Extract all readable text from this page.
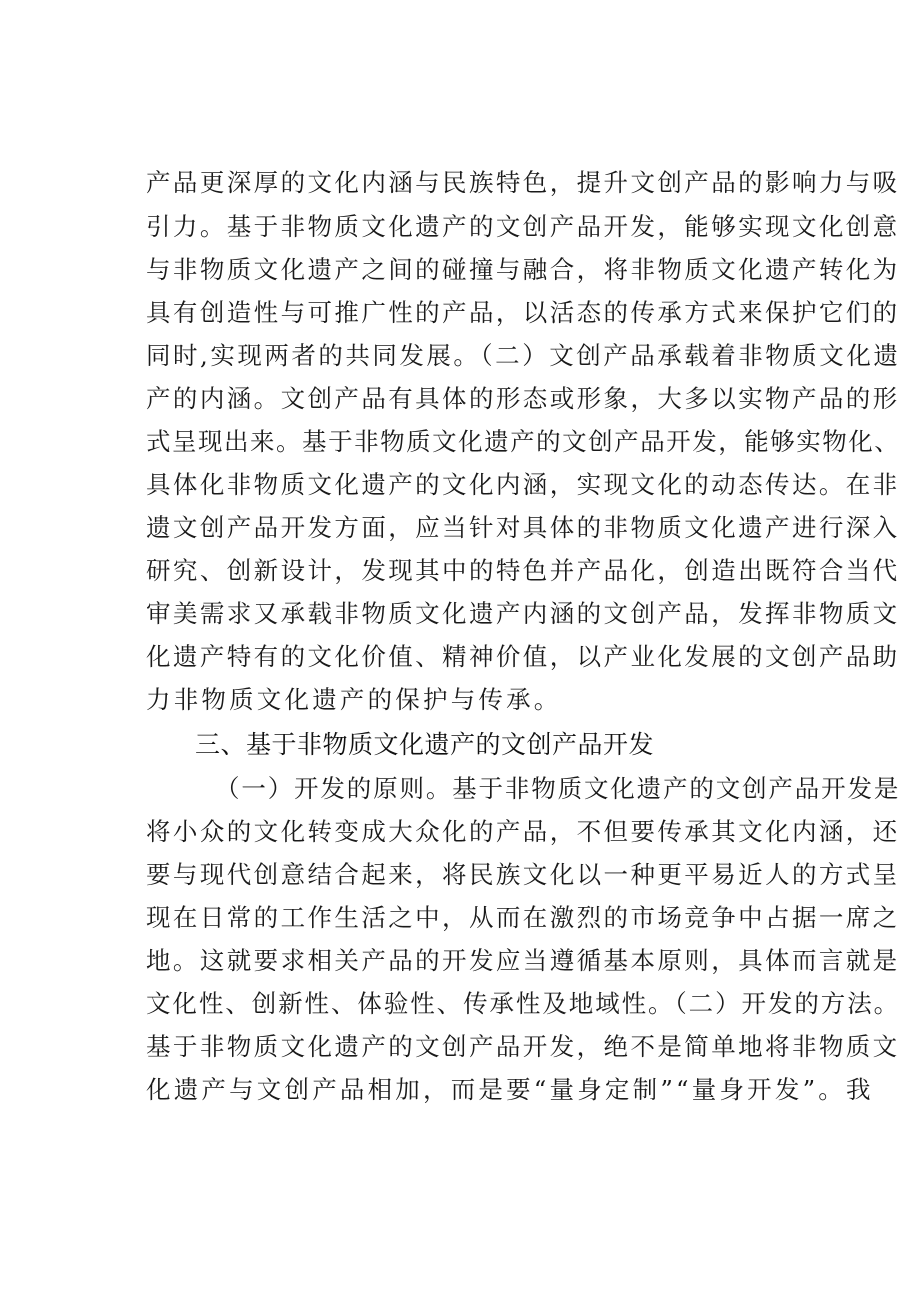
产品更深厚的文化内涵与民族特色，提升文创产品的影响力与吸
引力。基于非物质文化遗产的文创产品开发，能够实现文化创意
与非物质文化遗产之间的碰撞与融合，将非物质文化遗产转化为
具有创造性与可推广性的产品，以活态的传承方式来保护它们的
同时,实现两者的共同发展。（二）文创产品承载着非物质文化遗
产的内涵。文创产品有具体的形态或形象，大多以实物产品的形
式呈现出来。基于非物质文化遗产的文创产品开发，能够实物化、
具体化非物质文化遗产的文化内涵，实现文化的动态传达。在非
遗文创产品开发方面，应当针对具体的非物质文化遗产进行深入
研究、创新设计，发现其中的特色并产品化，创造出既符合当代
审美需求又承载非物质文化遗产内涵的文创产品，发挥非物质文
化遗产特有的文化价值、精神价值，以产业化发展的文创产品助
力非物质文化遗产的保护与传承。
三、基于非物质文化遗产的文创产品开发
（一）开发的原则。基于非物质文化遗产的文创产品开发是
将小众的文化转变成大众化的产品，不但要传承其文化内涵，还
要与现代创意结合起来，将民族文化以一种更平易近人的方式呈
现在日常的工作生活之中，从而在激烈的市场竞争中占据一席之
地。这就要求相关产品的开发应当遵循基本原则，具体而言就是
文化性、创新性、体验性、传承性及地域性。（二）开发的方法。
基于非物质文化遗产的文创产品开发，绝不是简单地将非物质文
化遗产与文创产品相加，而是要“量身定制”“量身开发”。我
